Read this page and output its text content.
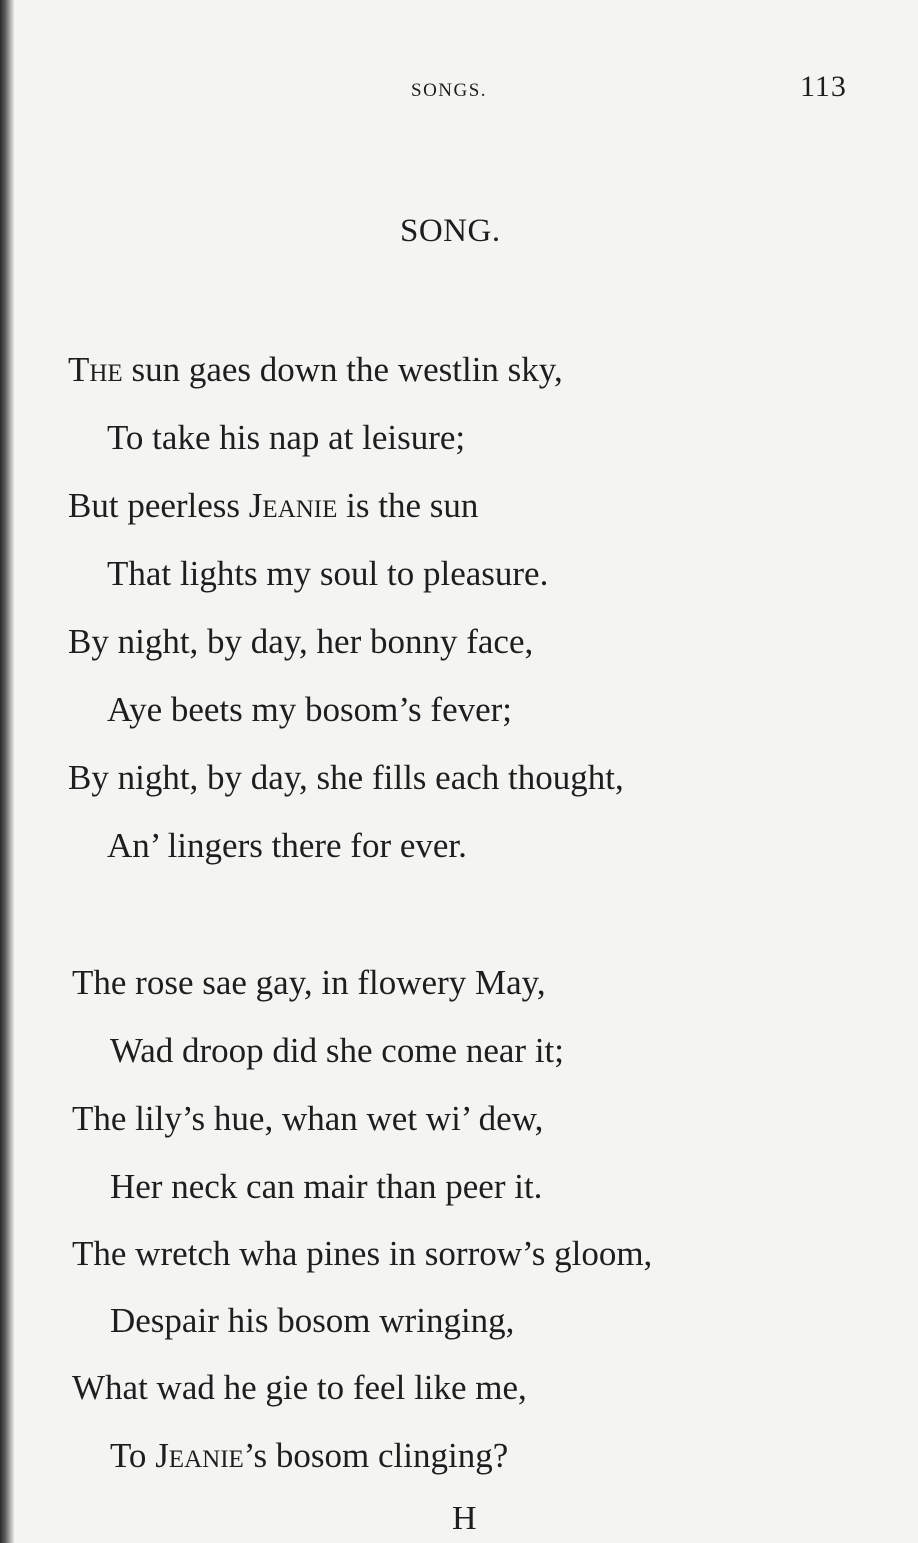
SONGS.	113
SONG.
The sun gaes down the westlin sky,
To take his nap at leisure;
But peerless Jeanie is the sun
That lights my soul to pleasure.
By night, by day, her bonny face,
Aye beets my bosom’s fever;
By night, by day, she fills each thought,
An’ lingers there for ever.
The rose sae gay, in flowery May,
Wad droop did she come near it;
The lily’s hue, whan wet wi’ dew,
Her neck can mair than peer it.
The wretch wha pines in sorrow’s gloom,
Despair his bosom wringing,
What wad he gie to feel like me,
To Jeanie’s bosom clinging?
H
